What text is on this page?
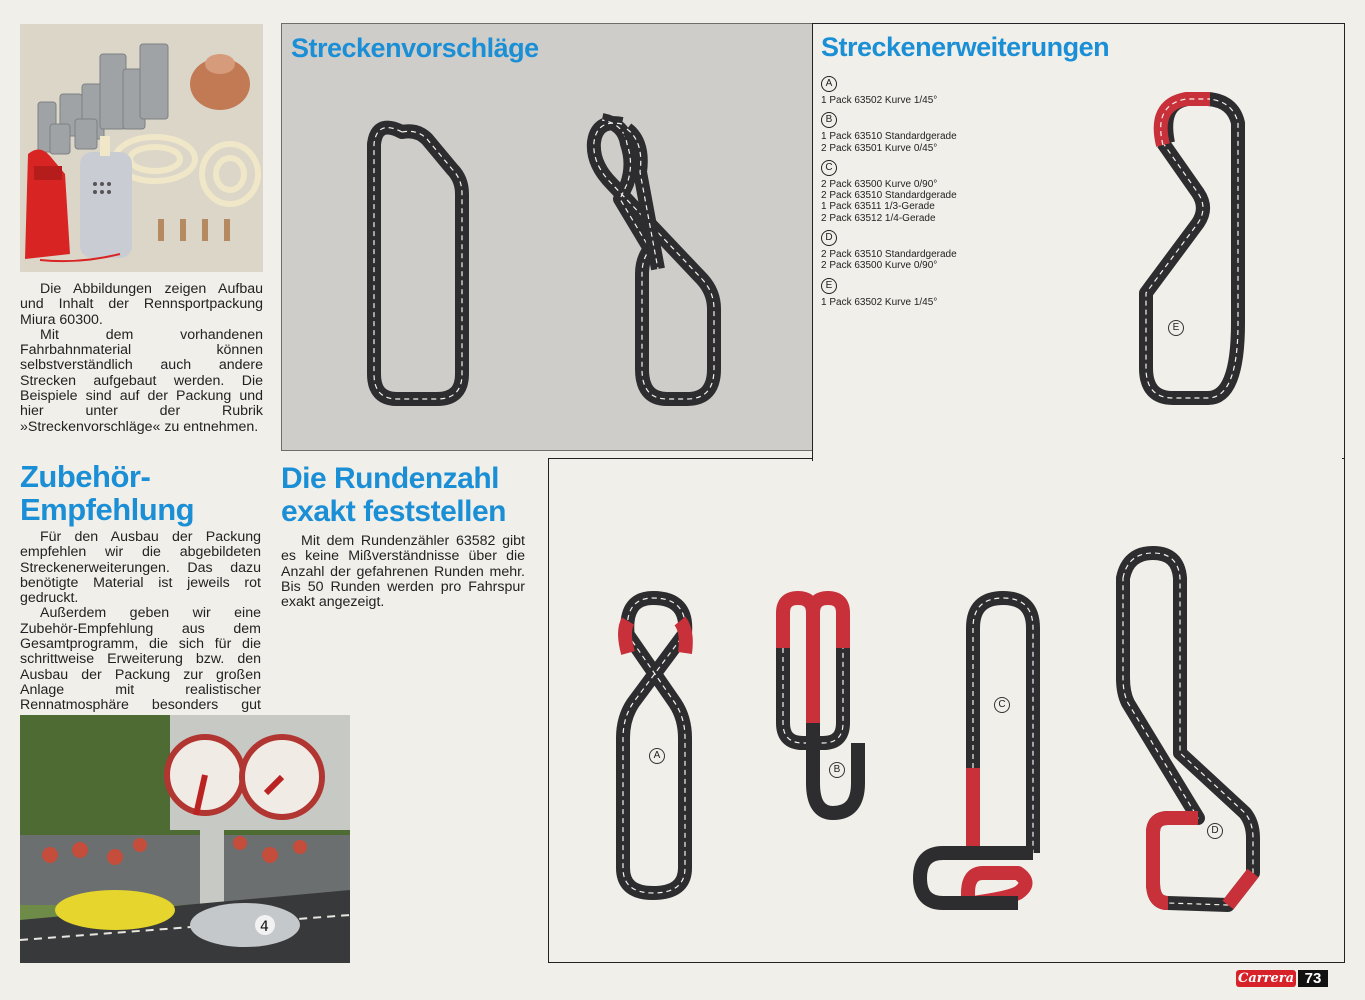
Die Abbildungen zeigen Aufbau und Inhalt der Rennsportpackung Miura 60300.

Mit dem vorhandenen Fahrbahnmaterial können selbstverständlich auch andere Strecken aufgebaut werden. Die Beispiele sind auf der Packung und hier unter der Rubrik »Streckenvorschläge« zu entnehmen.

Zubehör-
Empfehlung

Für den Ausbau der Packung empfehlen wir die abgebildeten Streckenerweiterungen. Das dazu benötigte Material ist jeweils rot gedruckt.

Außerdem geben wir eine Zubehör-Empfehlung aus dem Gesamtprogramm, die sich für die schrittweise Erweiterung bzw. den Ausbau der Packung zur großen Anlage mit realistischer Rennatmosphäre besonders gut

4
Streckenvorschläge
Die Rundenzahl
exakt feststellen

Mit dem Rundenzähler 63582 gibt es keine Mißverständnisse über die Anzahl der gefahrenen Runden mehr. Bis 50 Runden werden pro Fahrspur exakt angezeigt.

Streckenerweiterungen
A
1 Pack 63502 Kurve 1/45°
B
1 Pack 63510 Standardgerade
2 Pack 63501 Kurve 0/45°
C
2 Pack 63500 Kurve 0/90°
2 Pack 63510 Standardgerade
1 Pack 63511 1/3-Gerade
2 Pack 63512 1/4-Gerade
D
2 Pack 63510 Standardgerade
2 Pack 63500 Kurve 0/90°
E
1 Pack 63502 Kurve 1/45°
E
A
B
C
D
Carrera 73
